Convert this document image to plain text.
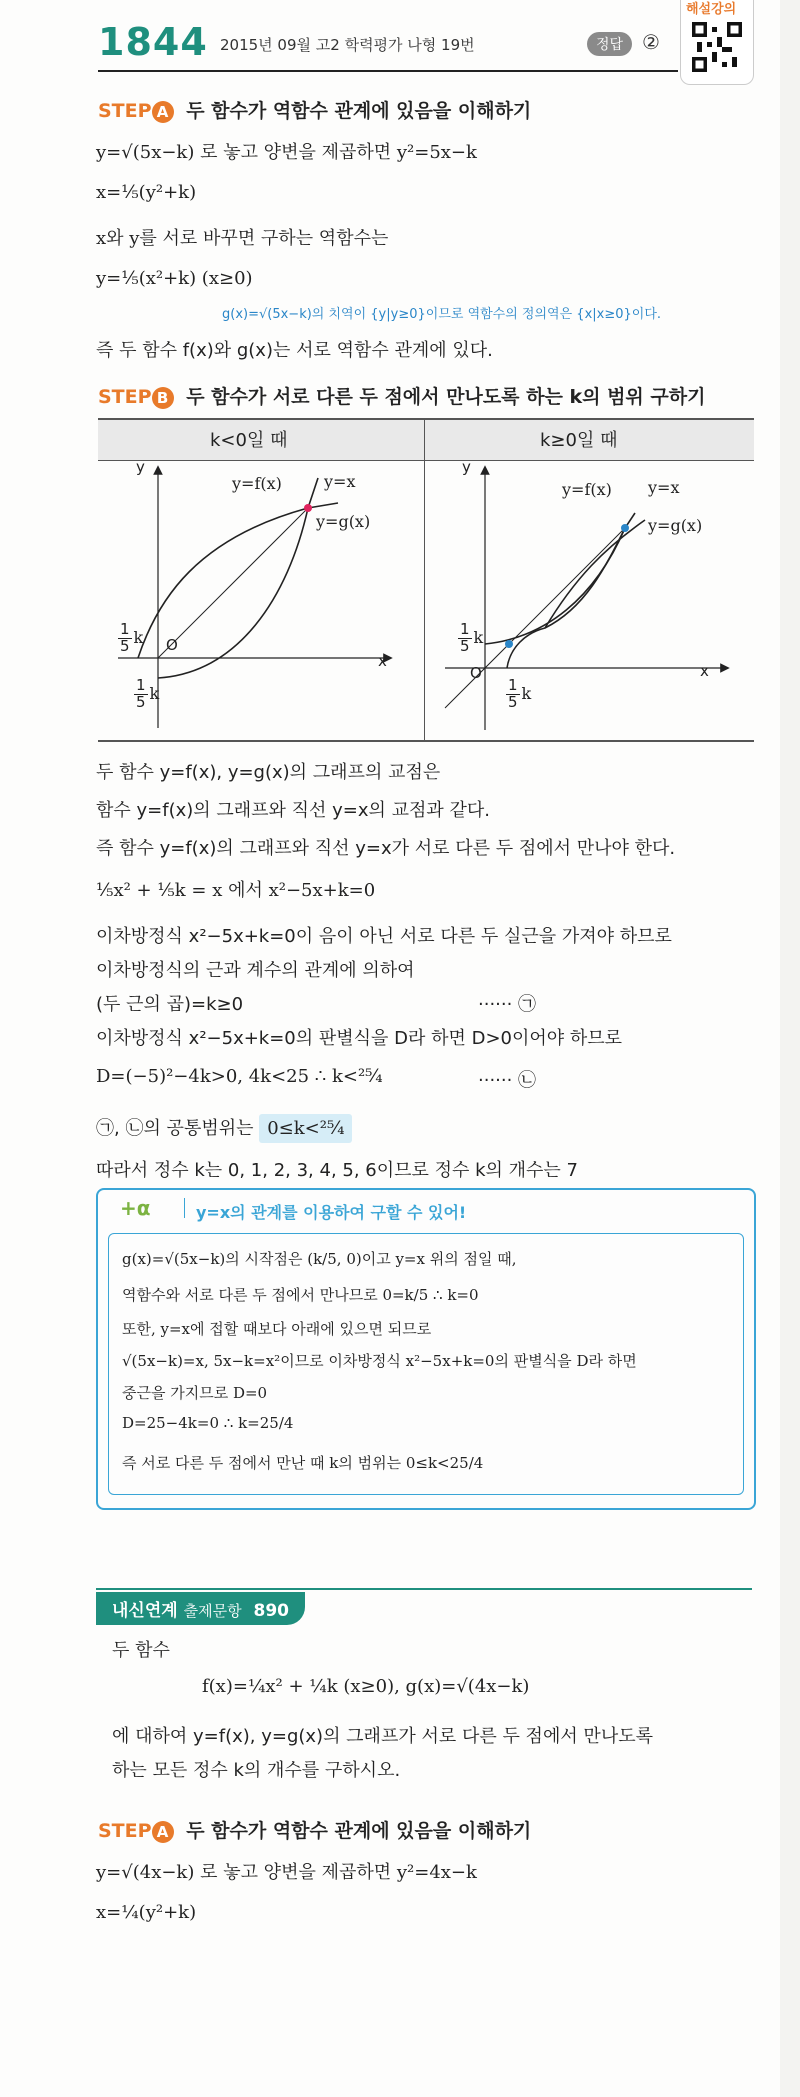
1844 2015년 09월 고2 학력평가 나형 19번	정답 ②
해설강의
STEP A 두 함수가 역함수 관계에 있음을 이해하기
y=√(5x−k) 로 놓고 양변을 제곱하면 y²=5x−k
x=¹⁄₅(y²+k)
x와 y를 서로 바꾸면 구하는 역함수는
y=¹⁄₅(x²+k) (x≥0)
g(x)=√(5x−k)의 치역이 {y|y≥0}이므로 역함수의 정의역은 {x|x≥0}이다.
즉 두 함수 f(x)와 g(x)는 서로 역함수 관계에 있다.
STEP B 두 함수가 서로 다른 두 점에서 만나도록 하는 k의 범위 구하기
k<0일 때	k≥0일 때
y
x
O
y=f(x)	y=x
y=g(x)
$\frac{1}{5}$ k
$\frac{1}{5}$ k
y
x
O
y=f(x) y=x
y=g(x)
$\frac{1}{5}$ k
$\frac{1}{5}$ k
두 함수 y=f(x), y=g(x)의 그래프의 교점은
함수 y=f(x)의 그래프와 직선 y=x의 교점과 같다.
즉 함수 y=f(x)의 그래프와 직선 y=x가 서로 다른 두 점에서 만나야 한다.
¹⁄₅x² + ¹⁄₅k = x 에서 x²−5x+k=0
이차방정식 x²−5x+k=0이 음이 아닌 서로 다른 두 실근을 가져야 하므로
이차방정식의 근과 계수의 관계에 의하여
(두 근의 곱)=k≥0	······ ㉠
이차방정식 x²−5x+k=0의 판별식을 D라 하면 D>0이어야 하므로
D=(−5)²−4k>0, 4k<25 ∴ k<²⁵⁄₄	······ ㉡
㉠, ㉡의 공통범위는 0≤k<²⁵⁄₄
따라서 정수 k는 0, 1, 2, 3, 4, 5, 6이므로 정수 k의 개수는 7
+α	y=x의 관계를 이용하여 구할 수 있어!
g(x)=√(5x−k)의 시작점은 (k/5, 0)이고 y=x 위의 점일 때,
역함수와 서로 다른 두 점에서 만나므로 0=k/5 ∴ k=0
또한, y=x에 접할 때보다 아래에 있으면 되므로
√(5x−k)=x, 5x−k=x²이므로 이차방정식 x²−5x+k=0의 판별식을 D라 하면
중근을 가지므로 D=0
D=25−4k=0 ∴ k=25/4
즉 서로 다른 두 점에서 만난 때 k의 범위는 0≤k<25/4
내신연계 출제문항 890
두 함수
f(x)=¼x² + ¼k (x≥0), g(x)=√(4x−k)
에 대하여 y=f(x), y=g(x)의 그래프가 서로 다른 두 점에서 만나도록
하는 모든 정수 k의 개수를 구하시오.
STEP A 두 함수가 역함수 관계에 있음을 이해하기
y=√(4x−k) 로 놓고 양변을 제곱하면 y²=4x−k
x=¼(y²+k)
